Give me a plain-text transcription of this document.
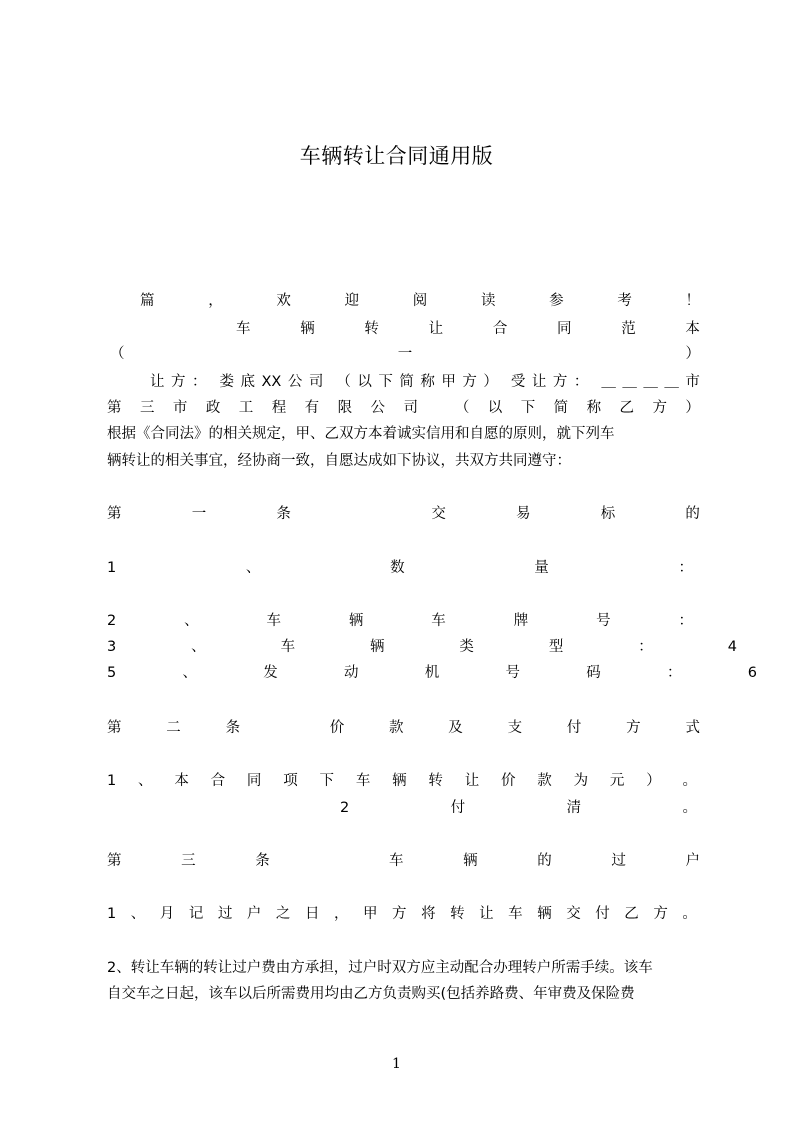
车辆转让合同通用版
篇	，	欢	迎	阅	读	参	考	！
车	辆	转	让	合	同	范	本
（	一	）
让 方 ： 娄 底 XX 公 司 （ 以 下 简 称 甲 方 ） 受 让 方 ： ＿ ＿ ＿ ＿ 市
第 三 市 政 工 程 有 限 公 司	（ 以 下 简 称 乙 方 ）
根据《合同法》的相关规定，甲、乙双方本着诚实信用和自愿的原则，就下列车
辆转让的相关事宜，经协商一致，自愿达成如下协议，共双方共同遵守：
第	一	条	交	易	标	的
1	、	数	量	：
2	、	车	辆	车	牌	号	：
3	、	车	辆	类	型	：	4
5	、	发	动	机	号	码	：	6
第	二	条	价	款	及	支	付	方	式
1 、 本 合 同 项 下 车 辆 转 让 价 款 为 元 ） 。
2	付	清	。
第	三	条	车	辆	的	过	户
1 、 月 记 过 户 之 日 ， 甲 方 将 转 让 车 辆 交 付 乙 方 。
2、转让车辆的转让过户费由方承担，过户时双方应主动配合办理转户所需手续。该车
自交车之日起，该车以后所需费用均由乙方负责购买(包括养路费、年审费及保险费
1
